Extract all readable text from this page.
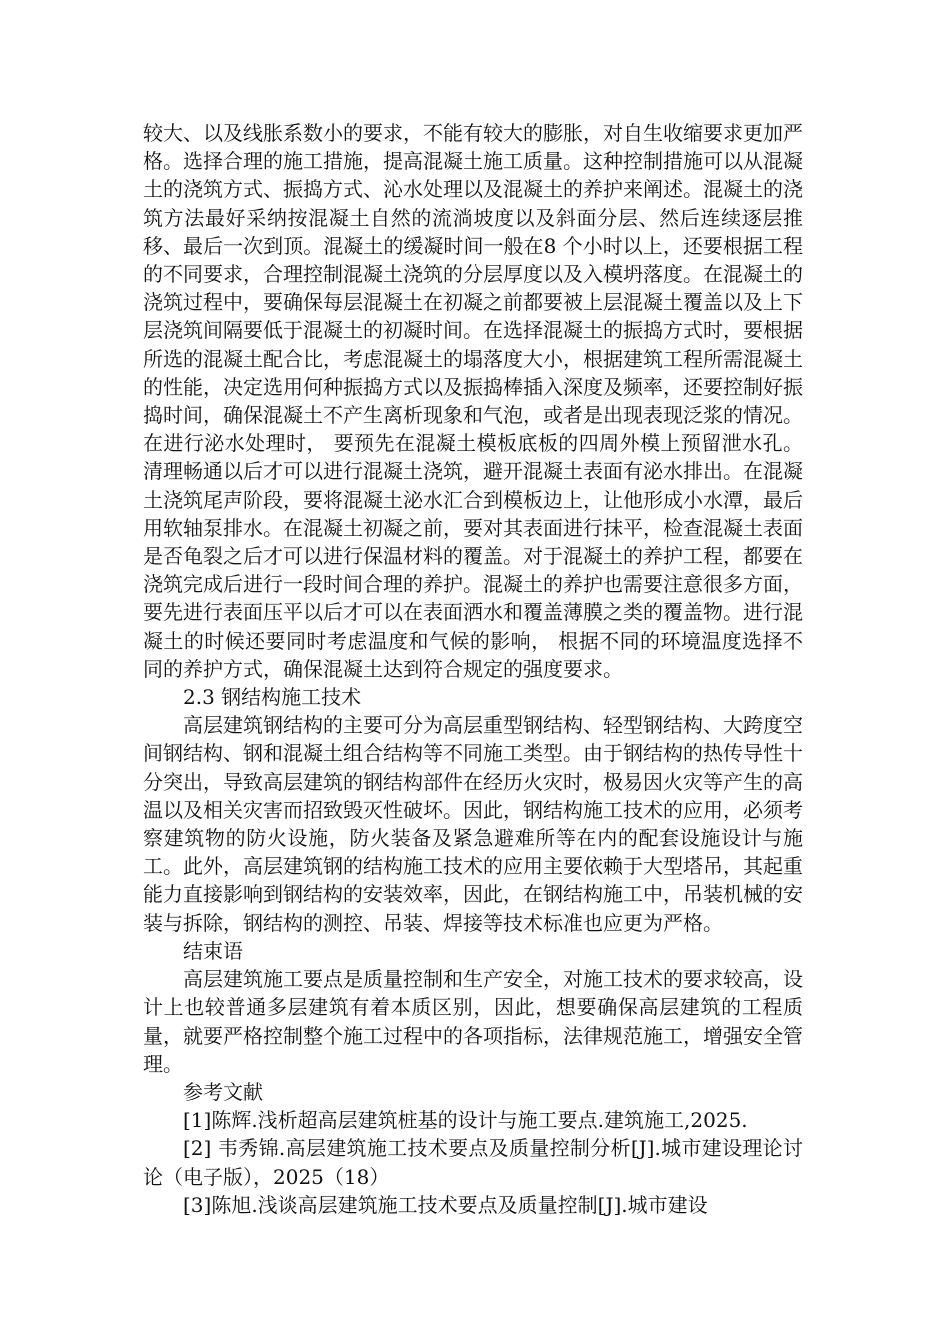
较大、以及线胀系数小的要求，不能有较大的膨胀，对自生收缩要求更加严格。选择合理的施工措施，提高混凝土施工质量。这种控制措施可以从混凝土的浇筑方式、振捣方式、沁水处理以及混凝土的养护来阐述。混凝土的浇筑方法最好采纳按混凝土自然的流淌坡度以及斜面分层、然后连续逐层推移、最后一次到顶。混凝土的缓凝时间一般在8 个小时以上，还要根据工程的不同要求，合理控制混凝土浇筑的分层厚度以及入模坍落度。在混凝土的浇筑过程中，要确保每层混凝土在初凝之前都要被上层混凝土覆盖以及上下层浇筑间隔要低于混凝土的初凝时间。在选择混凝土的振捣方式时，要根据所选的混凝土配合比，考虑混凝土的塌落度大小，根据建筑工程所需混凝土的性能，决定选用何种振捣方式以及振捣棒插入深度及频率，还要控制好振捣时间，确保混凝土不产生离析现象和气泡，或者是出现表现泛浆的情况。在进行泌水处理时， 要预先在混凝土模板底板的四周外模上预留泄水孔。清理畅通以后才可以进行混凝土浇筑，避开混凝土表面有泌水排出。在混凝土浇筑尾声阶段，要将混凝土泌水汇合到模板边上，让他形成小水潭，最后用软轴泵排水。在混凝土初凝之前，要对其表面进行抹平，检查混凝土表面是否龟裂之后才可以进行保温材料的覆盖。对于混凝土的养护工程，都要在浇筑完成后进行一段时间合理的养护。混凝土的养护也需要注意很多方面，要先进行表面压平以后才可以在表面洒水和覆盖薄膜之类的覆盖物。进行混凝土的时候还要同时考虑温度和气候的影响， 根据不同的环境温度选择不同的养护方式，确保混凝土达到符合规定的强度要求。

2.3 钢结构施工技术

高层建筑钢结构的主要可分为高层重型钢结构、轻型钢结构、大跨度空间钢结构、钢和混凝土组合结构等不同施工类型。由于钢结构的热传导性十分突出，导致高层建筑的钢结构部件在经历火灾时，极易因火灾等产生的高温以及相关灾害而招致毁灭性破坏。因此，钢结构施工技术的应用，必须考察建筑物的防火设施，防火装备及紧急避难所等在内的配套设施设计与施工。此外，高层建筑钢的结构施工技术的应用主要依赖于大型塔吊，其起重能力直接影响到钢结构的安装效率，因此，在钢结构施工中，吊装机械的安装与拆除，钢结构的测控、吊装、焊接等技术标准也应更为严格。

结束语

高层建筑施工要点是质量控制和生产安全，对施工技术的要求较高，设计上也较普通多层建筑有着本质区别，因此，想要确保高层建筑的工程质量，就要严格控制整个施工过程中的各项指标，法律规范施工，增强安全管理。

参考文献

[1]陈辉.浅析超高层建筑桩基的设计与施工要点.建筑施工,2025.

[2] 韦秀锦.高层建筑施工技术要点及质量控制分析[J].城市建设理论讨论（电子版），2025（18）

[3]陈旭.浅谈高层建筑施工技术要点及质量控制[J].城市建设
